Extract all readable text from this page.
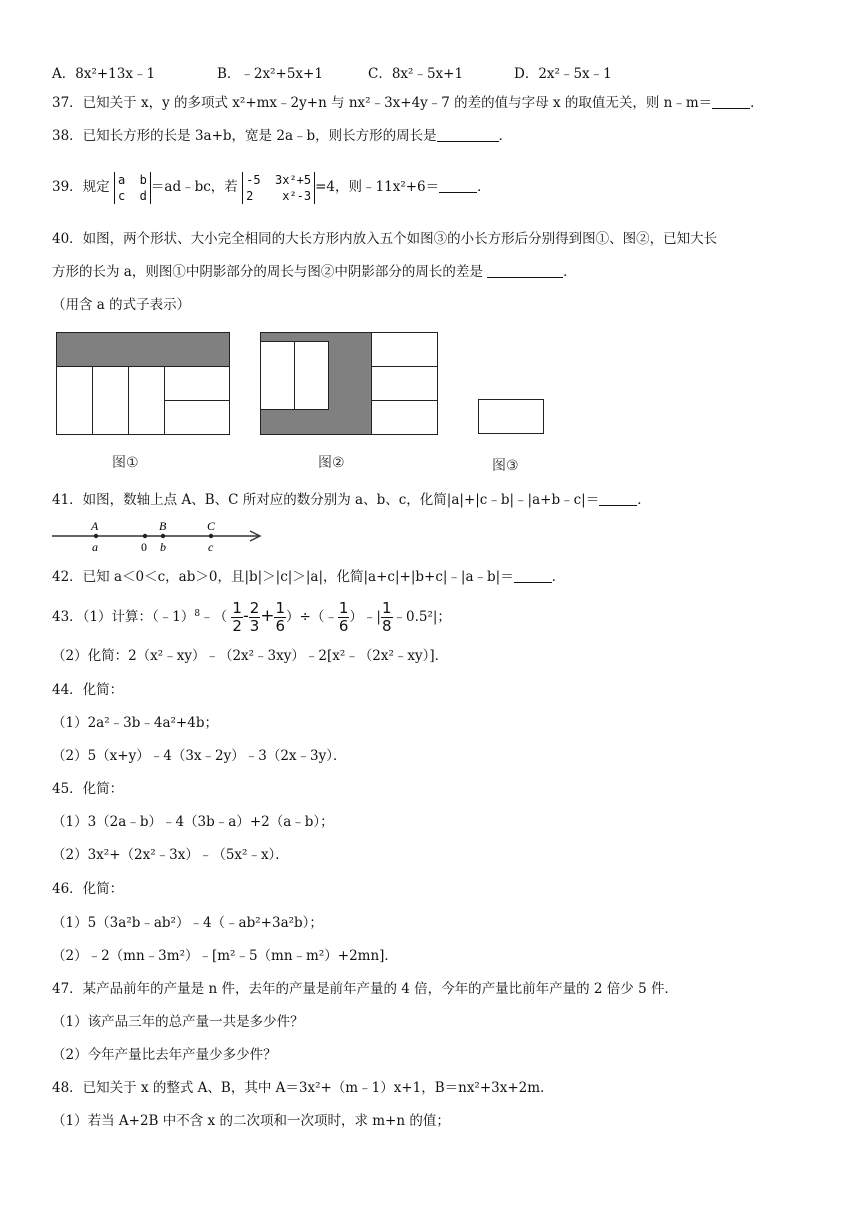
A．8x²+13x﹣1	B．﹣2x²+5x+1	C．8x²﹣5x+1	D．2x²﹣5x﹣1
37．已知关于 x，y 的多项式 x²+mx﹣2y+n 与 nx²﹣3x+4y﹣7 的差的值与字母 x 的取值无关，则 n﹣m＝	．
38．已知长方形的长是 3a+b，宽是 2a﹣b，则长方形的周长是	．
39．规定 a  b
c  d
＝ad﹣bc，若 -5  3x²+5
2    x²-3
=4，则﹣11x²+6＝	．
40．如图，两个形状、大小完全相同的大长方形内放入五个如图③的小长方形后分别得到图①、图②，已知大长
方形的长为 a，则图①中阴影部分的周长与图②中阴影部分的周长的差是	．
（用含 a 的式子表示）
图①	图②	图③
41．如图，数轴上点 A、B、C 所对应的数分别为 a、b、c，化简|a|+|c﹣b|﹣|a+b﹣c|＝	．
A
a	0
B
b
C
c
42．已知 a＜0＜c，ab＞0，且|b|＞|c|＞|a|，化简|a+c|+|b+c|﹣|a﹣b|＝	．
43．（1）计算：（﹣1）$^8$﹣（ $\frac{1}{2} - \frac{2}{3} + \frac{1}{6}$ ）÷（﹣ $\frac{1}{6}$ ）﹣| $\frac{1}{8}$ ﹣0.5²|；
（2）化简：2（x²﹣xy）﹣（2x²﹣3xy）﹣2[x²﹣（2x²﹣xy）]．
44．化简：
（1）2a²﹣3b﹣4a²+4b；
（2）5（x+y）﹣4（3x﹣2y）﹣3（2x﹣3y）．
45．化简：
（1）3（2a﹣b）﹣4（3b﹣a）+2（a﹣b）；
（2）3x²+（2x²﹣3x）﹣（5x²﹣x）．
46．化简：
（1）5（3a²b﹣ab²）﹣4（﹣ab²+3a²b）；
（2）﹣2（mn﹣3m²）﹣[m²﹣5（mn﹣m²）+2mn]．
47．某产品前年的产量是 n 件，去年的产量是前年产量的 4 倍，今年的产量比前年产量的 2 倍少 5 件．
（1）该产品三年的总产量一共是多少件？
（2）今年产量比去年产量少多少件？
48．已知关于 x 的整式 A、B，其中 A＝3x²+（m﹣1）x+1，B＝nx²+3x+2m．
（1）若当 A+2B 中不含 x 的二次项和一次项时，求 m+n 的值；
